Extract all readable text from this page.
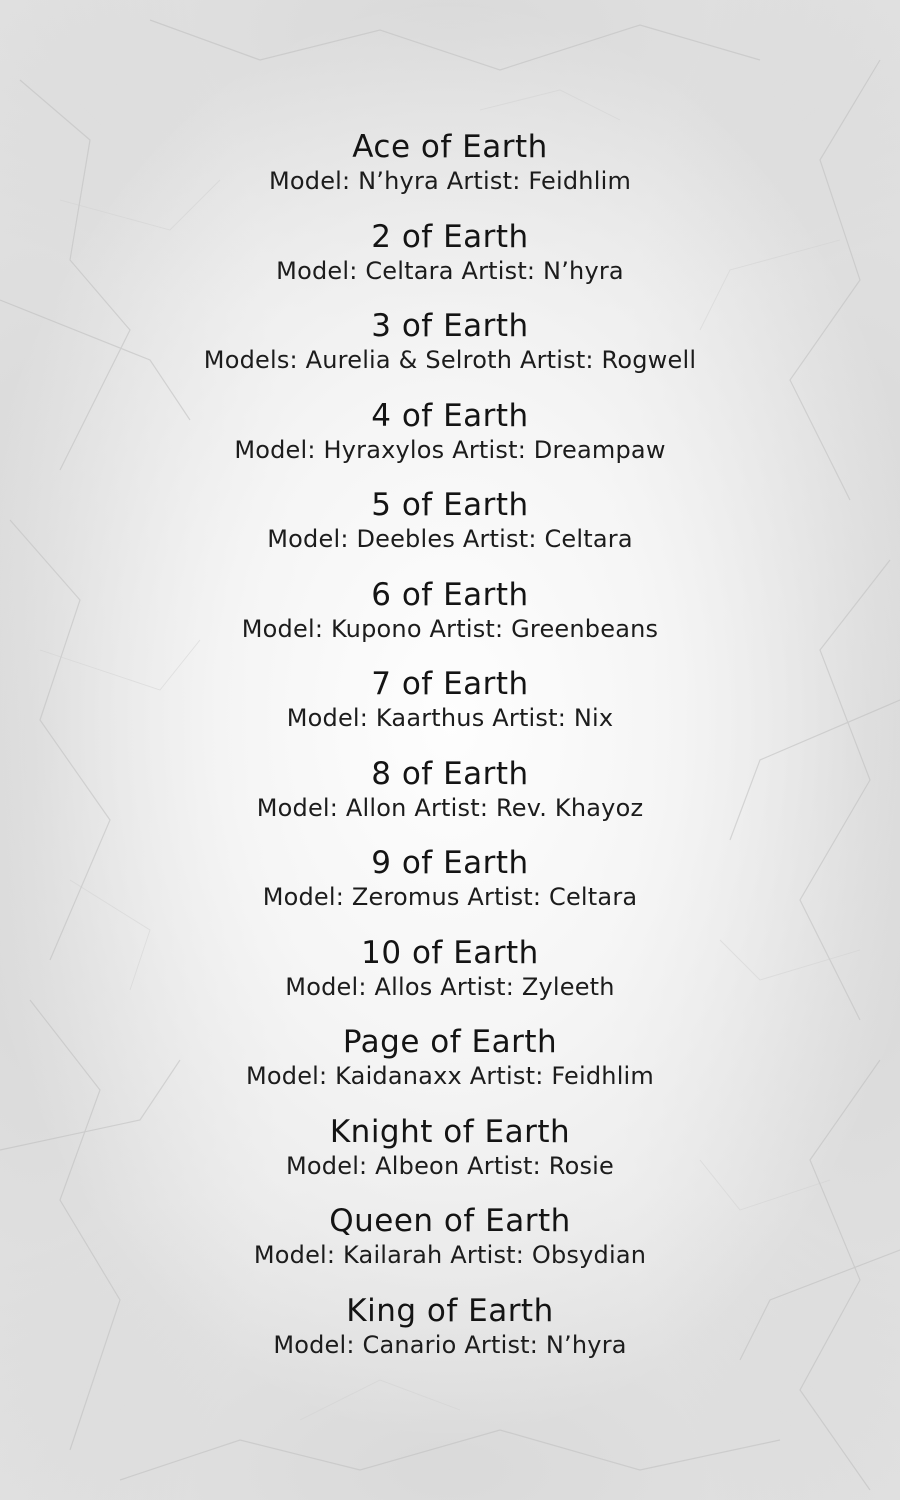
Ace of Earth
Model: N’hyra Artist: Feidhlim
2 of Earth
Model: Celtara Artist: N’hyra
3 of Earth
Models: Aurelia & Selroth Artist: Rogwell
4 of Earth
Model: Hyraxylos Artist: Dreampaw
5 of Earth
Model: Deebles Artist: Celtara
6 of Earth
Model: Kupono Artist: Greenbeans
7 of Earth
Model: Kaarthus Artist: Nix
8 of Earth
Model: Allon Artist: Rev. Khayoz
9 of Earth
Model: Zeromus Artist: Celtara
10 of Earth
Model: Allos Artist: Zyleeth
Page of Earth
Model: Kaidanaxx Artist: Feidhlim
Knight of Earth
Model: Albeon Artist: Rosie
Queen of Earth
Model: Kailarah Artist: Obsydian
King of Earth
Model: Canario Artist: N’hyra
